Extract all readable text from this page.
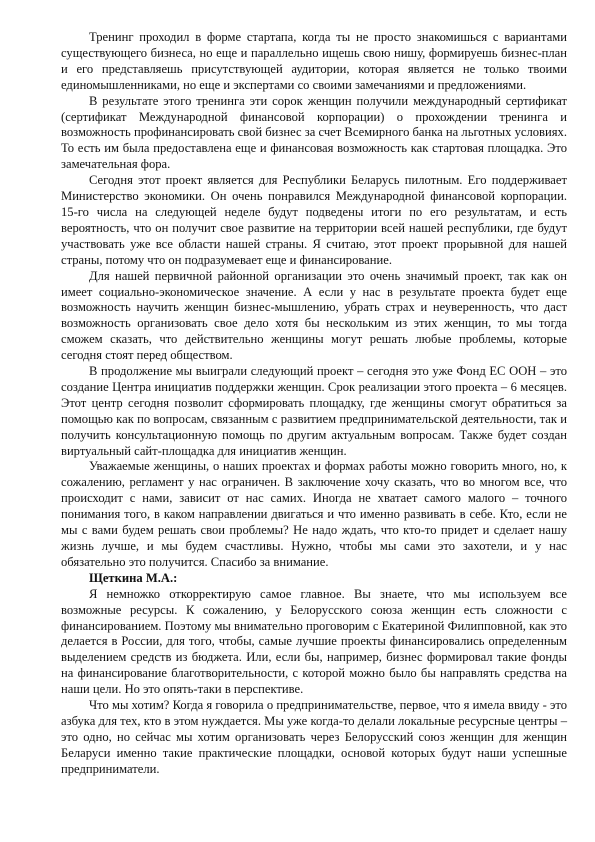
Тренинг проходил в форме стартапа, когда ты не просто знакомишься с вариантами существующего бизнеса, но еще и параллельно ищешь свою нишу, формируешь бизнес-план и его представляешь присутствующей аудитории, которая является не только твоими единомышленниками, но еще и экспертами со своими замечаниями и предложениями.

В результате этого тренинга эти сорок женщин получили международный сертификат (сертификат Международной финансовой корпорации) о прохождении тренинга и возможность профинансировать свой бизнес за счет Всемирного банка на льготных условиях. То есть им была предоставлена еще и финансовая возможность как стартовая площадка. Это замечательная фора.

Сегодня этот проект является для Республики Беларусь пилотным. Его поддерживает Министерство экономики. Он очень понравился Международной финансовой корпорации. 15-го числа на следующей неделе будут подведены итоги по его результатам, и есть вероятность, что он получит свое развитие на территории всей нашей республики, где будут участвовать уже все области нашей страны. Я считаю, этот проект прорывной для нашей страны, потому что он подразумевает еще и финансирование.

Для нашей первичной районной организации это очень значимый проект, так как он имеет социально-экономическое значение. А если у нас в результате проекта будет еще возможность научить женщин бизнес-мышлению, убрать страх и неуверенность, что даст возможность организовать свое дело хотя бы нескольким из этих женщин, то мы тогда сможем сказать, что действительно женщины могут решать любые проблемы, которые сегодня стоят перед обществом.

В продолжение мы выиграли следующий проект – сегодня это уже Фонд ЕС ООН – это создание Центра инициатив поддержки женщин. Срок реализации этого проекта – 6 месяцев. Этот центр сегодня позволит сформировать площадку, где женщины смогут обратиться за помощью как по вопросам, связанным с развитием предпринимательской деятельности, так и получить консультационную помощь по другим актуальным вопросам. Также будет создан виртуальный сайт-площадка для инициатив женщин.

Уважаемые женщины, о наших проектах и формах работы можно говорить много, но, к сожалению, регламент у нас ограничен. В заключение хочу сказать, что во многом все, что происходит с нами, зависит от нас самих. Иногда не хватает самого малого – точного понимания того, в каком направлении двигаться и что именно развивать в себе. Кто, если не мы с вами будем решать свои проблемы? Не надо ждать, что кто-то придет и сделает нашу жизнь лучше, и мы будем счастливы. Нужно, чтобы мы сами это захотели, и у нас обязательно это получится. Спасибо за внимание.

Щеткина М.А.:

Я немножко откорректирую самое главное. Вы знаете, что мы используем все возможные ресурсы. К сожалению, у Белорусского союза женщин есть сложности с финансированием. Поэтому мы внимательно проговорим с Екатериной Филипповной, как это делается в России, для того, чтобы, самые лучшие проекты финансировались определенным выделением средств из бюджета. Или, если бы, например, бизнес формировал такие фонды на финансирование благотворительности, с которой можно было бы направлять средства на наши цели. Но это опять-таки в перспективе.

Что мы хотим? Когда я говорила о предпринимательстве, первое, что я имела ввиду - это азбука для тех, кто в этом нуждается. Мы уже когда-то делали локальные ресурсные центры – это одно, но сейчас мы хотим организовать через Белорусский союз женщин для женщин Беларуси именно такие практические площадки, основой которых будут наши успешные предприниматели.
